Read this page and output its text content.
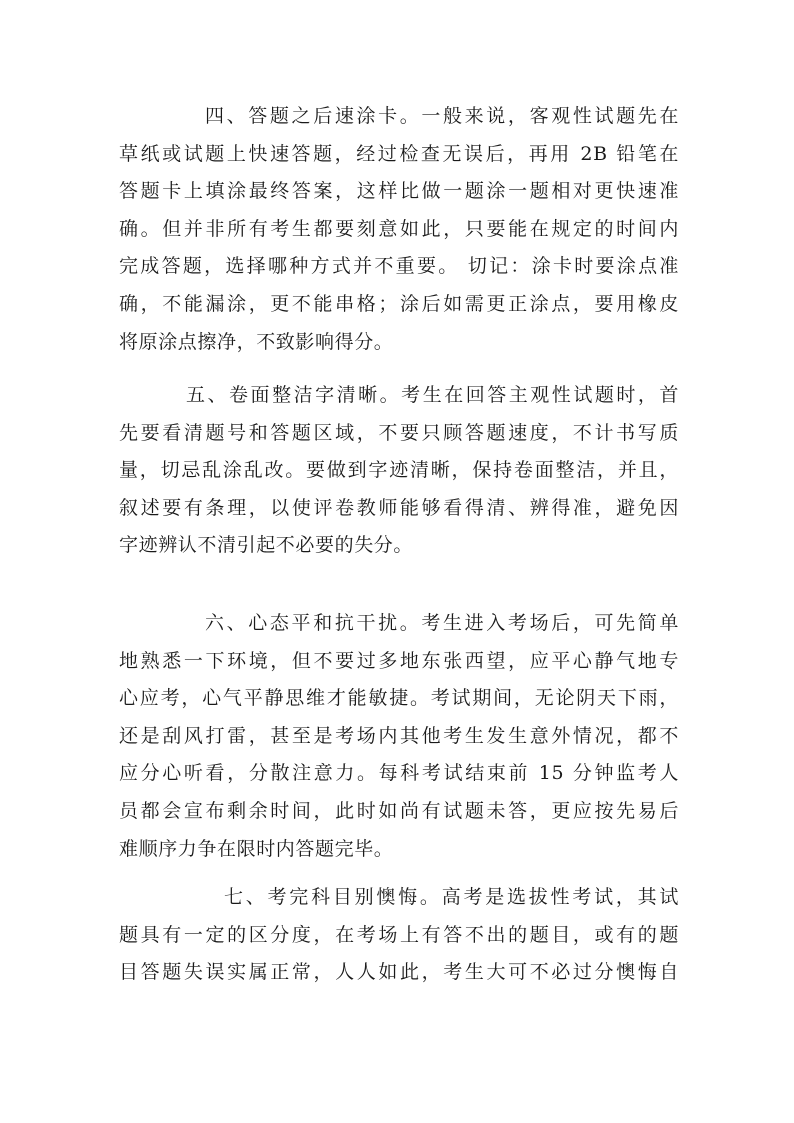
四、答题之后速涂卡。一般来说，客观性试题先在
草纸或试题上快速答题，经过检查无误后，再用 2B 铅笔在
答题卡上填涂最终答案，这样比做一题涂一题相对更快速准
确。但并非所有考生都要刻意如此，只要能在规定的时间内
完成答题，选择哪种方式并不重要。 切记：涂卡时要涂点准
确，不能漏涂，更不能串格；涂后如需更正涂点，要用橡皮
将原涂点擦净，不致影响得分。

五、卷面整洁字清晰。考生在回答主观性试题时，首
先要看清题号和答题区域，不要只顾答题速度，不计书写质
量，切忌乱涂乱改。要做到字迹清晰，保持卷面整洁，并且，
叙述要有条理，以使评卷教师能够看得清、辨得准，避免因
字迹辨认不清引起不必要的失分。

六、心态平和抗干扰。考生进入考场后，可先简单
地熟悉一下环境，但不要过多地东张西望，应平心静气地专
心应考，心气平静思维才能敏捷。考试期间，无论阴天下雨，
还是刮风打雷，甚至是考场内其他考生发生意外情况，都不
应分心听看，分散注意力。每科考试结束前 15 分钟监考人
员都会宣布剩余时间，此时如尚有试题未答，更应按先易后
难顺序力争在限时内答题完毕。

七、考完科目别懊悔。高考是选拔性考试，其试
题具有一定的区分度，在考场上有答不出的题目，或有的题
目答题失误实属正常，人人如此，考生大可不必过分懊悔自
